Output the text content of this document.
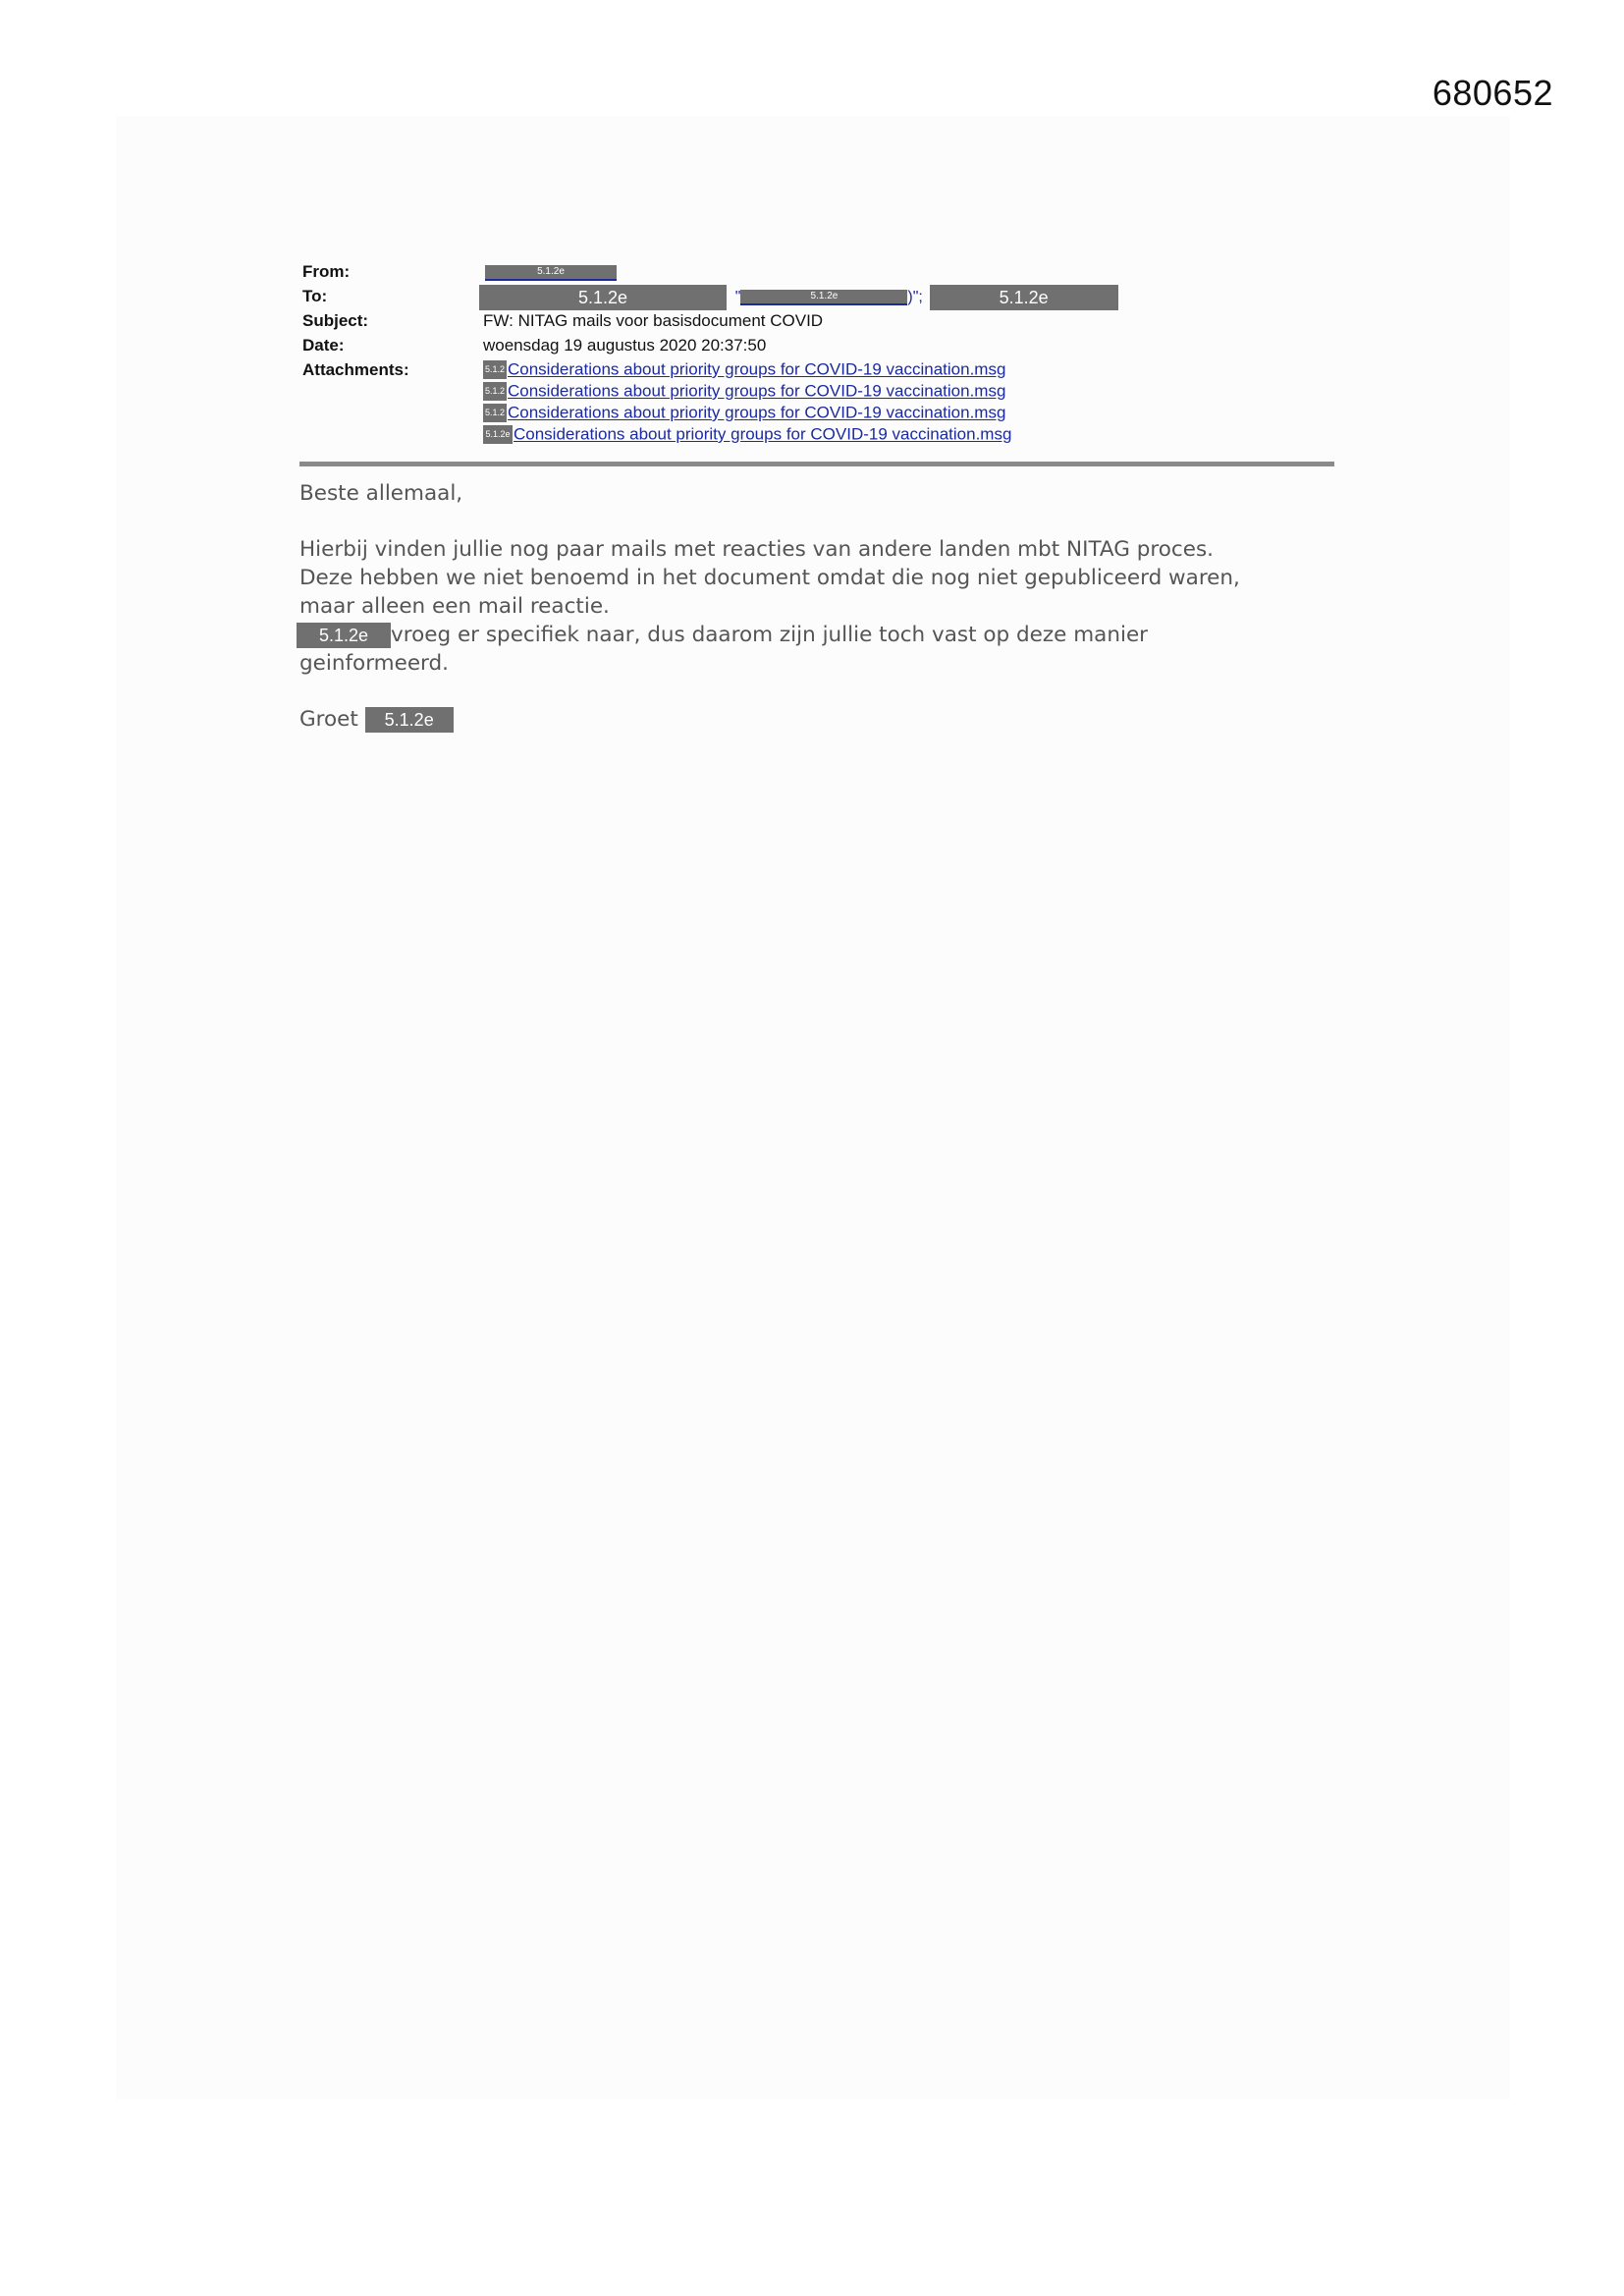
680652
From:	5.1.2e
To:	5.1.2e	"	5.1.2e	)";	5.1.2e
Subject:	FW: NITAG mails voor basisdocument COVID
Date:	woensdag 19 augustus 2020 20:37:50
Attachments:	5.1.2 Considerations about priority groups for COVID-19 vaccination.msg
5.1.2 Considerations about priority groups for COVID-19 vaccination.msg
5.1.2 Considerations about priority groups for COVID-19 vaccination.msg
5.1.2e Considerations about priority groups for COVID-19 vaccination.msg

Beste allemaal,

Hierbij vinden jullie nog paar mails met reacties van andere landen mbt NITAG proces.
Deze hebben we niet benoemd in het document omdat die nog niet gepubliceerd waren,
maar alleen een mail reactie.
5.1.2e vroeg er specifiek naar, dus daarom zijn jullie toch vast op deze manier
geinformeerd.

Groet 5.1.2e
